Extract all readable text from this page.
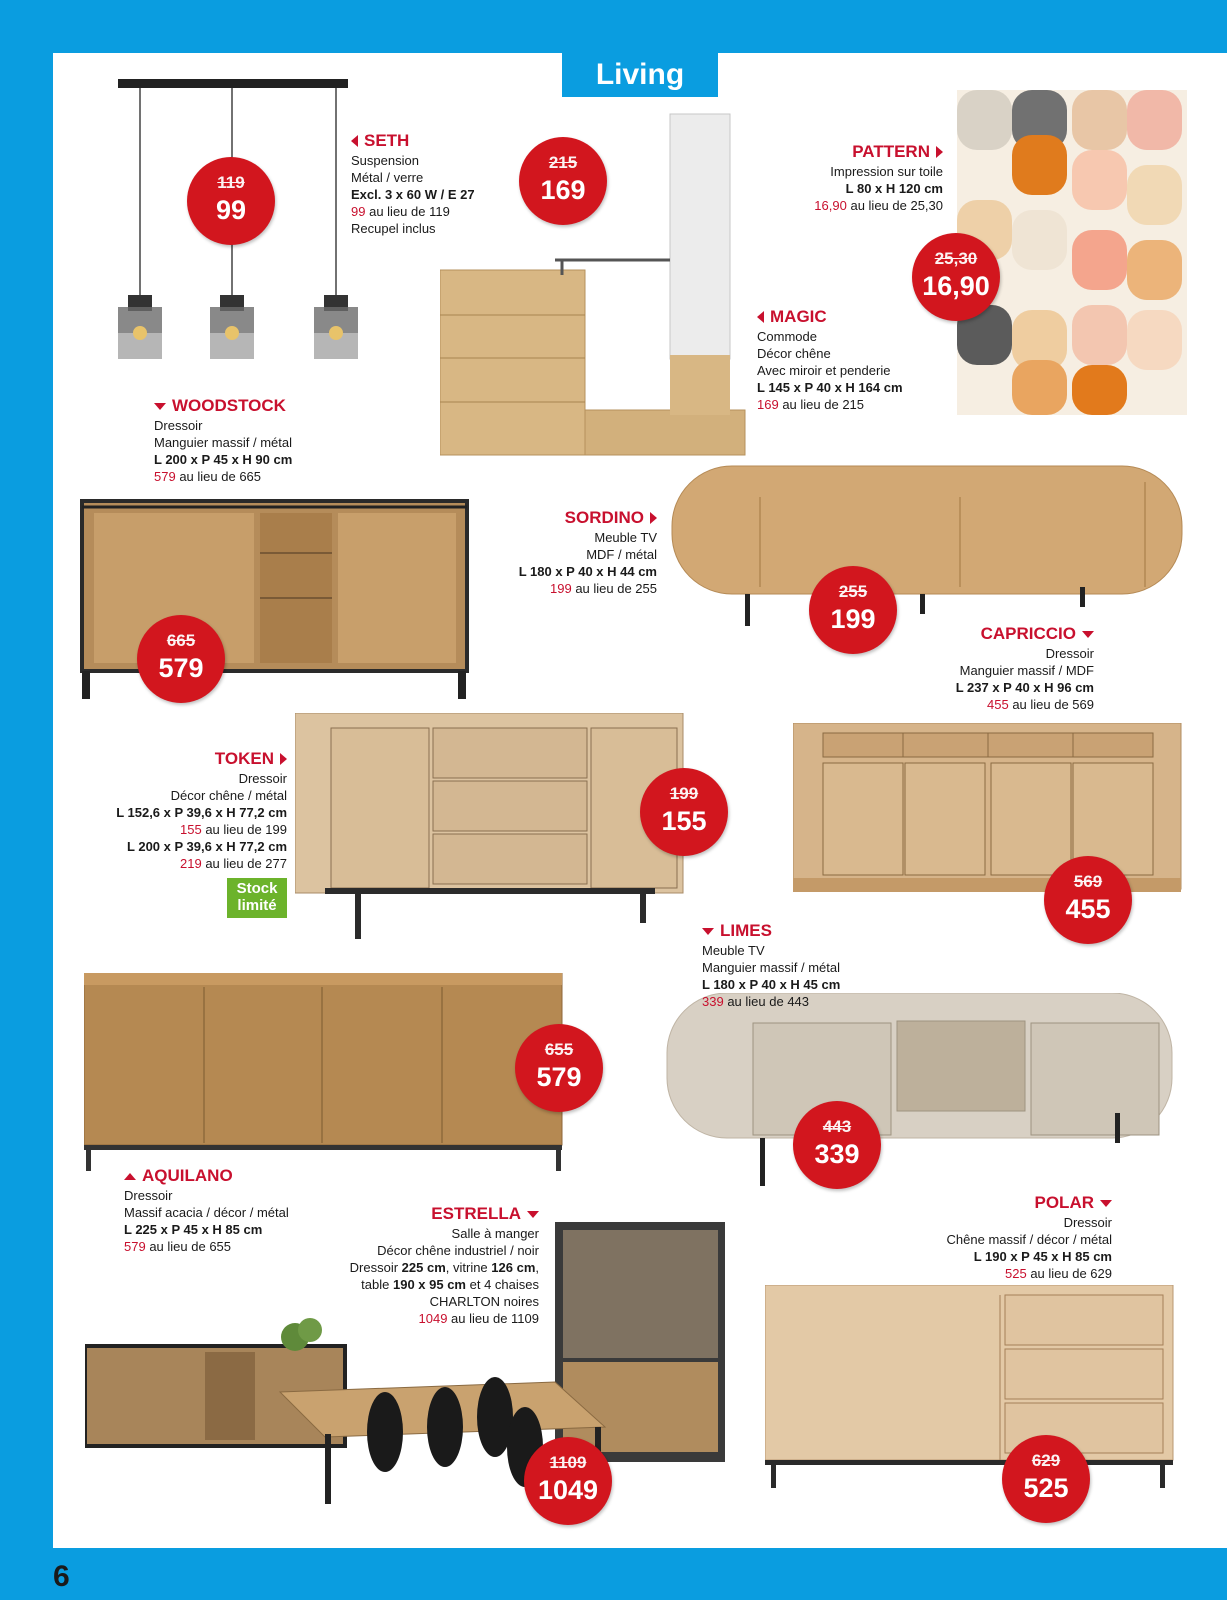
Living
6
119
99
215
169
25,30
16,90
665
579
255
199
569
455
199
155
443
339
655
579
1109
1049
629
525
SETH
Suspension
Métal / verre
Excl. 3 x 60 W / E 27
99 au lieu de 119
Recupel inclus
MAGIC
Commode
Décor chêne
Avec miroir et penderie
L 145 x P 40 x H 164 cm
169 au lieu de 215
PATTERN
Impression sur toile
L 80 x H 120 cm
16,90 au lieu de 25,30
WOODSTOCK
Dressoir
Manguier massif / métal
L 200 x P 45 x H 90 cm
579 au lieu de 665
SORDINO
Meuble TV
MDF / métal
L 180 x P 40 x H 44 cm
199 au lieu de 255
CAPRICCIO
Dressoir
Manguier massif / MDF
L 237 x P 40 x H 96 cm
455 au lieu de 569
TOKEN
Dressoir
Décor chêne / métal
L 152,6 x P 39,6 x H 77,2 cm
155 au lieu de 199
L 200 x P 39,6 x H 77,2 cm
219 au lieu de 277
Stock limité
LIMES
Meuble TV
Manguier massif / métal
L 180 x P 40 x H 45 cm
339 au lieu de 443
AQUILANO
Dressoir
Massif acacia / décor / métal
L 225 x P 45 x H 85 cm
579 au lieu de 655
ESTRELLA
Salle à manger
Décor chêne industriel / noir
Dressoir 225 cm, vitrine 126 cm,
table 190 x 95 cm et 4 chaises
CHARLTON noires
1049 au lieu de 1109
POLAR
Dressoir
Chêne massif / décor / métal
L 190 x P 45 x H 85 cm
525 au lieu de 629
